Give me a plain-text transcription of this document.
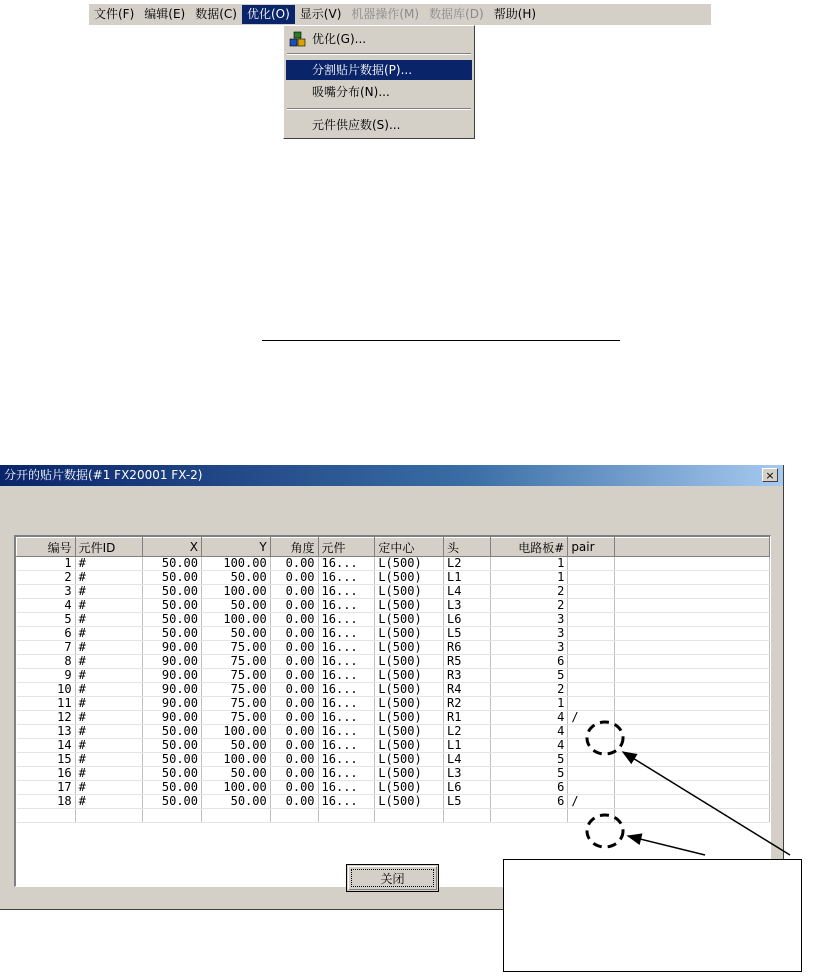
文件(F) 编辑(E) 数据(C) 优化(O) 显示(V) 机器操作(M) 数据库(D) 帮助(H)
优化(G)...
分割贴片数据(P)...
吸嘴分布(N)...
元件供应数(S)...
分开的贴片数据(#1 FX20001 FX-2)	×
编号	元件ID	X	Y	角度	元件	定中心	头	电路板#	pair	
1	#	50.00	100.00	0.00	16...	L(500)	L2	1		
2	#	50.00	50.00	0.00	16...	L(500)	L1	1		
3	#	50.00	100.00	0.00	16...	L(500)	L4	2		
4	#	50.00	50.00	0.00	16...	L(500)	L3	2		
5	#	50.00	100.00	0.00	16...	L(500)	L6	3		
6	#	50.00	50.00	0.00	16...	L(500)	L5	3		
7	#	90.00	75.00	0.00	16...	L(500)	R6	3		
8	#	90.00	75.00	0.00	16...	L(500)	R5	6		
9	#	90.00	75.00	0.00	16...	L(500)	R3	5		
10	#	90.00	75.00	0.00	16...	L(500)	R4	2		
11	#	90.00	75.00	0.00	16...	L(500)	R2	1		
12	#	90.00	75.00	0.00	16...	L(500)	R1	4	/	
13	#	50.00	100.00	0.00	16...	L(500)	L2	4		
14	#	50.00	50.00	0.00	16...	L(500)	L1	4		
15	#	50.00	100.00	0.00	16...	L(500)	L4	5		
16	#	50.00	50.00	0.00	16...	L(500)	L3	5		
17	#	50.00	100.00	0.00	16...	L(500)	L6	6		
18	#	50.00	50.00	0.00	16...	L(500)	L5	6	/	

关闭
